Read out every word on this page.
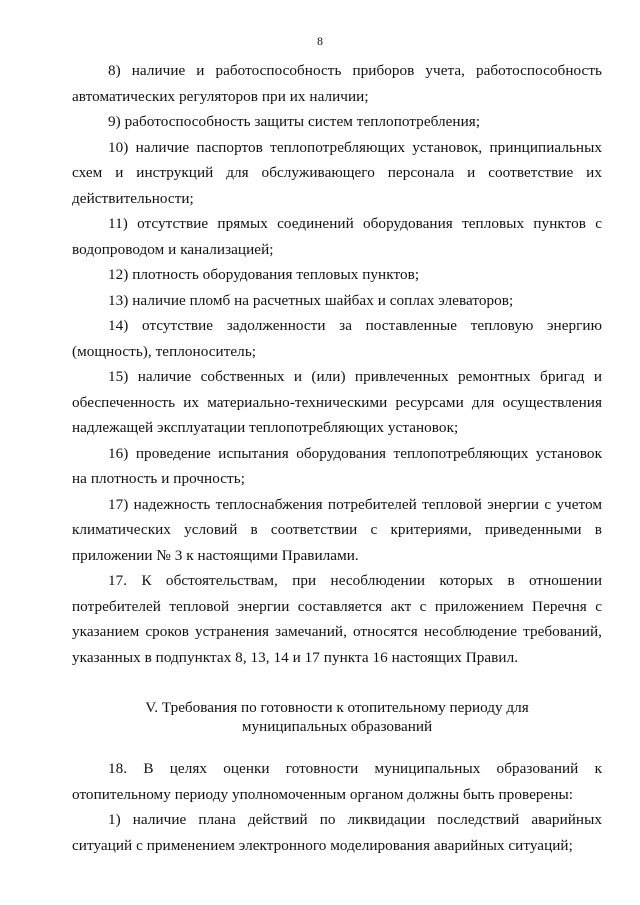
8

8) наличие и работоспособность приборов учета, работоспособность автоматических регуляторов при их наличии;

9) работоспособность защиты систем теплопотребления;

10) наличие паспортов теплопотребляющих установок, принципиальных схем и инструкций для обслуживающего персонала и соответствие их действительности;

11) отсутствие прямых соединений оборудования тепловых пунктов с водопроводом и канализацией;

12) плотность оборудования тепловых пунктов;

13) наличие пломб на расчетных шайбах и соплах элеваторов;

14) отсутствие задолженности за поставленные тепловую энергию (мощность), теплоноситель;

15) наличие собственных и (или) привлеченных ремонтных бригад и обеспеченность их материально-техническими ресурсами для осуществления надлежащей эксплуатации теплопотребляющих установок;

16) проведение испытания оборудования теплопотребляющих установок на плотность и прочность;

17) надежность теплоснабжения потребителей тепловой энергии с учетом климатических условий в соответствии с критериями, приведенными в приложении № 3 к настоящими Правилами.

17. К обстоятельствам, при несоблюдении которых в отношении потребителей тепловой энергии составляется акт с приложением Перечня с указанием сроков устранения замечаний, относятся несоблюдение требований, указанных в подпунктах 8, 13, 14 и 17 пункта 16 настоящих Правил.

V. Требования по готовности к отопительному периоду для муниципальных образований

18. В целях оценки готовности муниципальных образований к отопительному периоду уполномоченным органом должны быть проверены:

1) наличие плана действий по ликвидации последствий аварийных ситуаций с применением электронного моделирования аварийных ситуаций;
